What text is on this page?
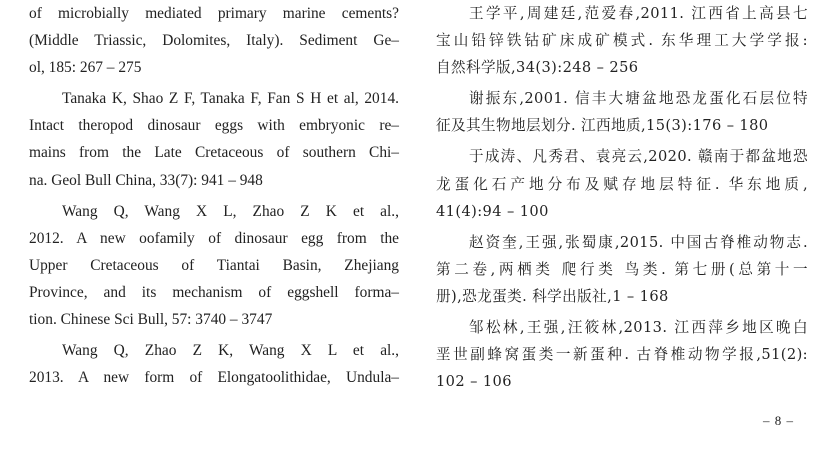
of microbially mediated primary marine cements?
(Middle Triassic, Dolomites, Italy). Sediment Ge–
ol, 185: 267 – 275
Tanaka K, Shao Z F, Tanaka F, Fan S H et al, 2014.
Intact theropod dinosaur eggs with embryonic re–
mains from the Late Cretaceous of southern Chi–
na. Geol Bull China, 33(7): 941 – 948
Wang Q, Wang X L, Zhao Z K et al.,
2012. A new oofamily of dinosaur egg from the
Upper Cretaceous of Tiantai Basin, Zhejiang
Province, and its mechanism of eggshell forma–
tion. Chinese Sci Bull, 57: 3740 – 3747
Wang Q, Zhao Z K, Wang X L et al.,
2013. A new form of Elongatoolithidae, Undula–
王学平,周建廷,范爱春,2011. 江西省上高县七
宝山铅锌铁钴矿床成矿模式. 东华理工大学学报:
自然科学版,34(3):248 – 256
谢振东,2001. 信丰大塘盆地恐龙蛋化石层位特
征及其生物地层划分. 江西地质,15(3):176 – 180
于成涛、凡秀君、袁亮云,2020. 赣南于都盆地恐
龙蛋化石产地分布及赋存地层特征. 华东地质,
41(4):94 – 100
赵资奎,王强,张蜀康,2015. 中国古脊椎动物志.
第二卷,两栖类 爬行类 鸟类. 第七册(总第十一
册),恐龙蛋类. 科学出版社,1 – 168
邹松林,王强,汪筱林,2013. 江西萍乡地区晚白
垩世副蜂窝蛋类一新蛋种. 古脊椎动物学报,51(2):
102 – 106
– 8 –
